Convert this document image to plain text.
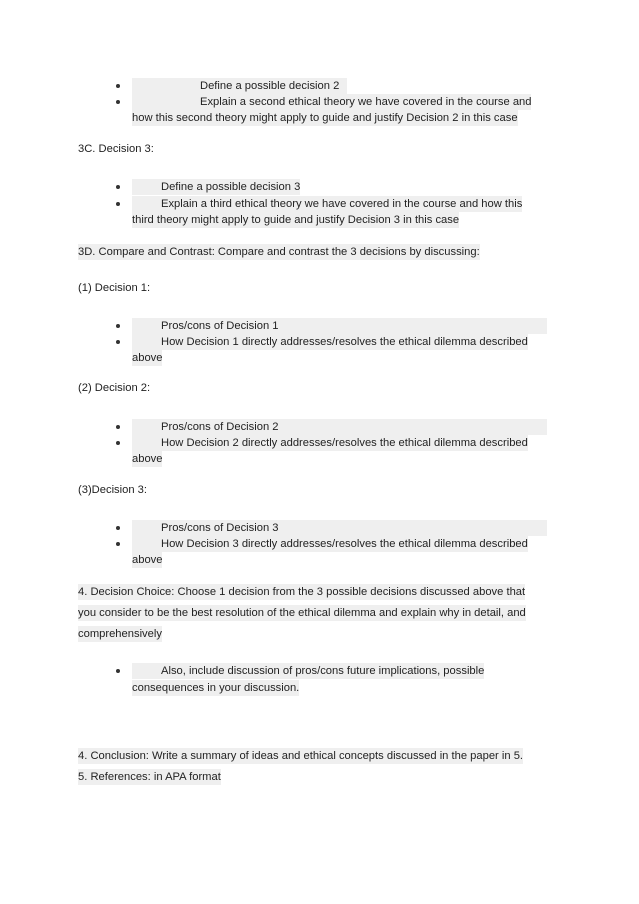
Define a possible decision 2
Explain a second ethical theory we have covered in the course and
how this second theory might apply to guide and justify Decision 2 in this case
3C. Decision 3:
Define a possible decision 3
Explain a third ethical theory we have covered in the course and how this
third theory might apply to guide and justify Decision 3 in this case
3D. Compare and Contrast: Compare and contrast the 3 decisions by discussing:
(1) Decision 1:
Pros/cons of Decision 1
How Decision 1 directly addresses/resolves the ethical dilemma described
above
(2) Decision 2:
Pros/cons of Decision 2
How Decision 2 directly addresses/resolves the ethical dilemma described
above
(3)Decision 3:
Pros/cons of Decision 3
How Decision 3 directly addresses/resolves the ethical dilemma described
above
4. Decision Choice: Choose 1 decision from the 3 possible decisions discussed above that
you consider to be the best resolution of the ethical dilemma and explain why in detail, and
comprehensively
Also, include discussion of pros/cons future implications, possible
consequences in your discussion.
4. Conclusion: Write a summary of ideas and ethical concepts discussed in the paper in 5.
5. References: in APA format
